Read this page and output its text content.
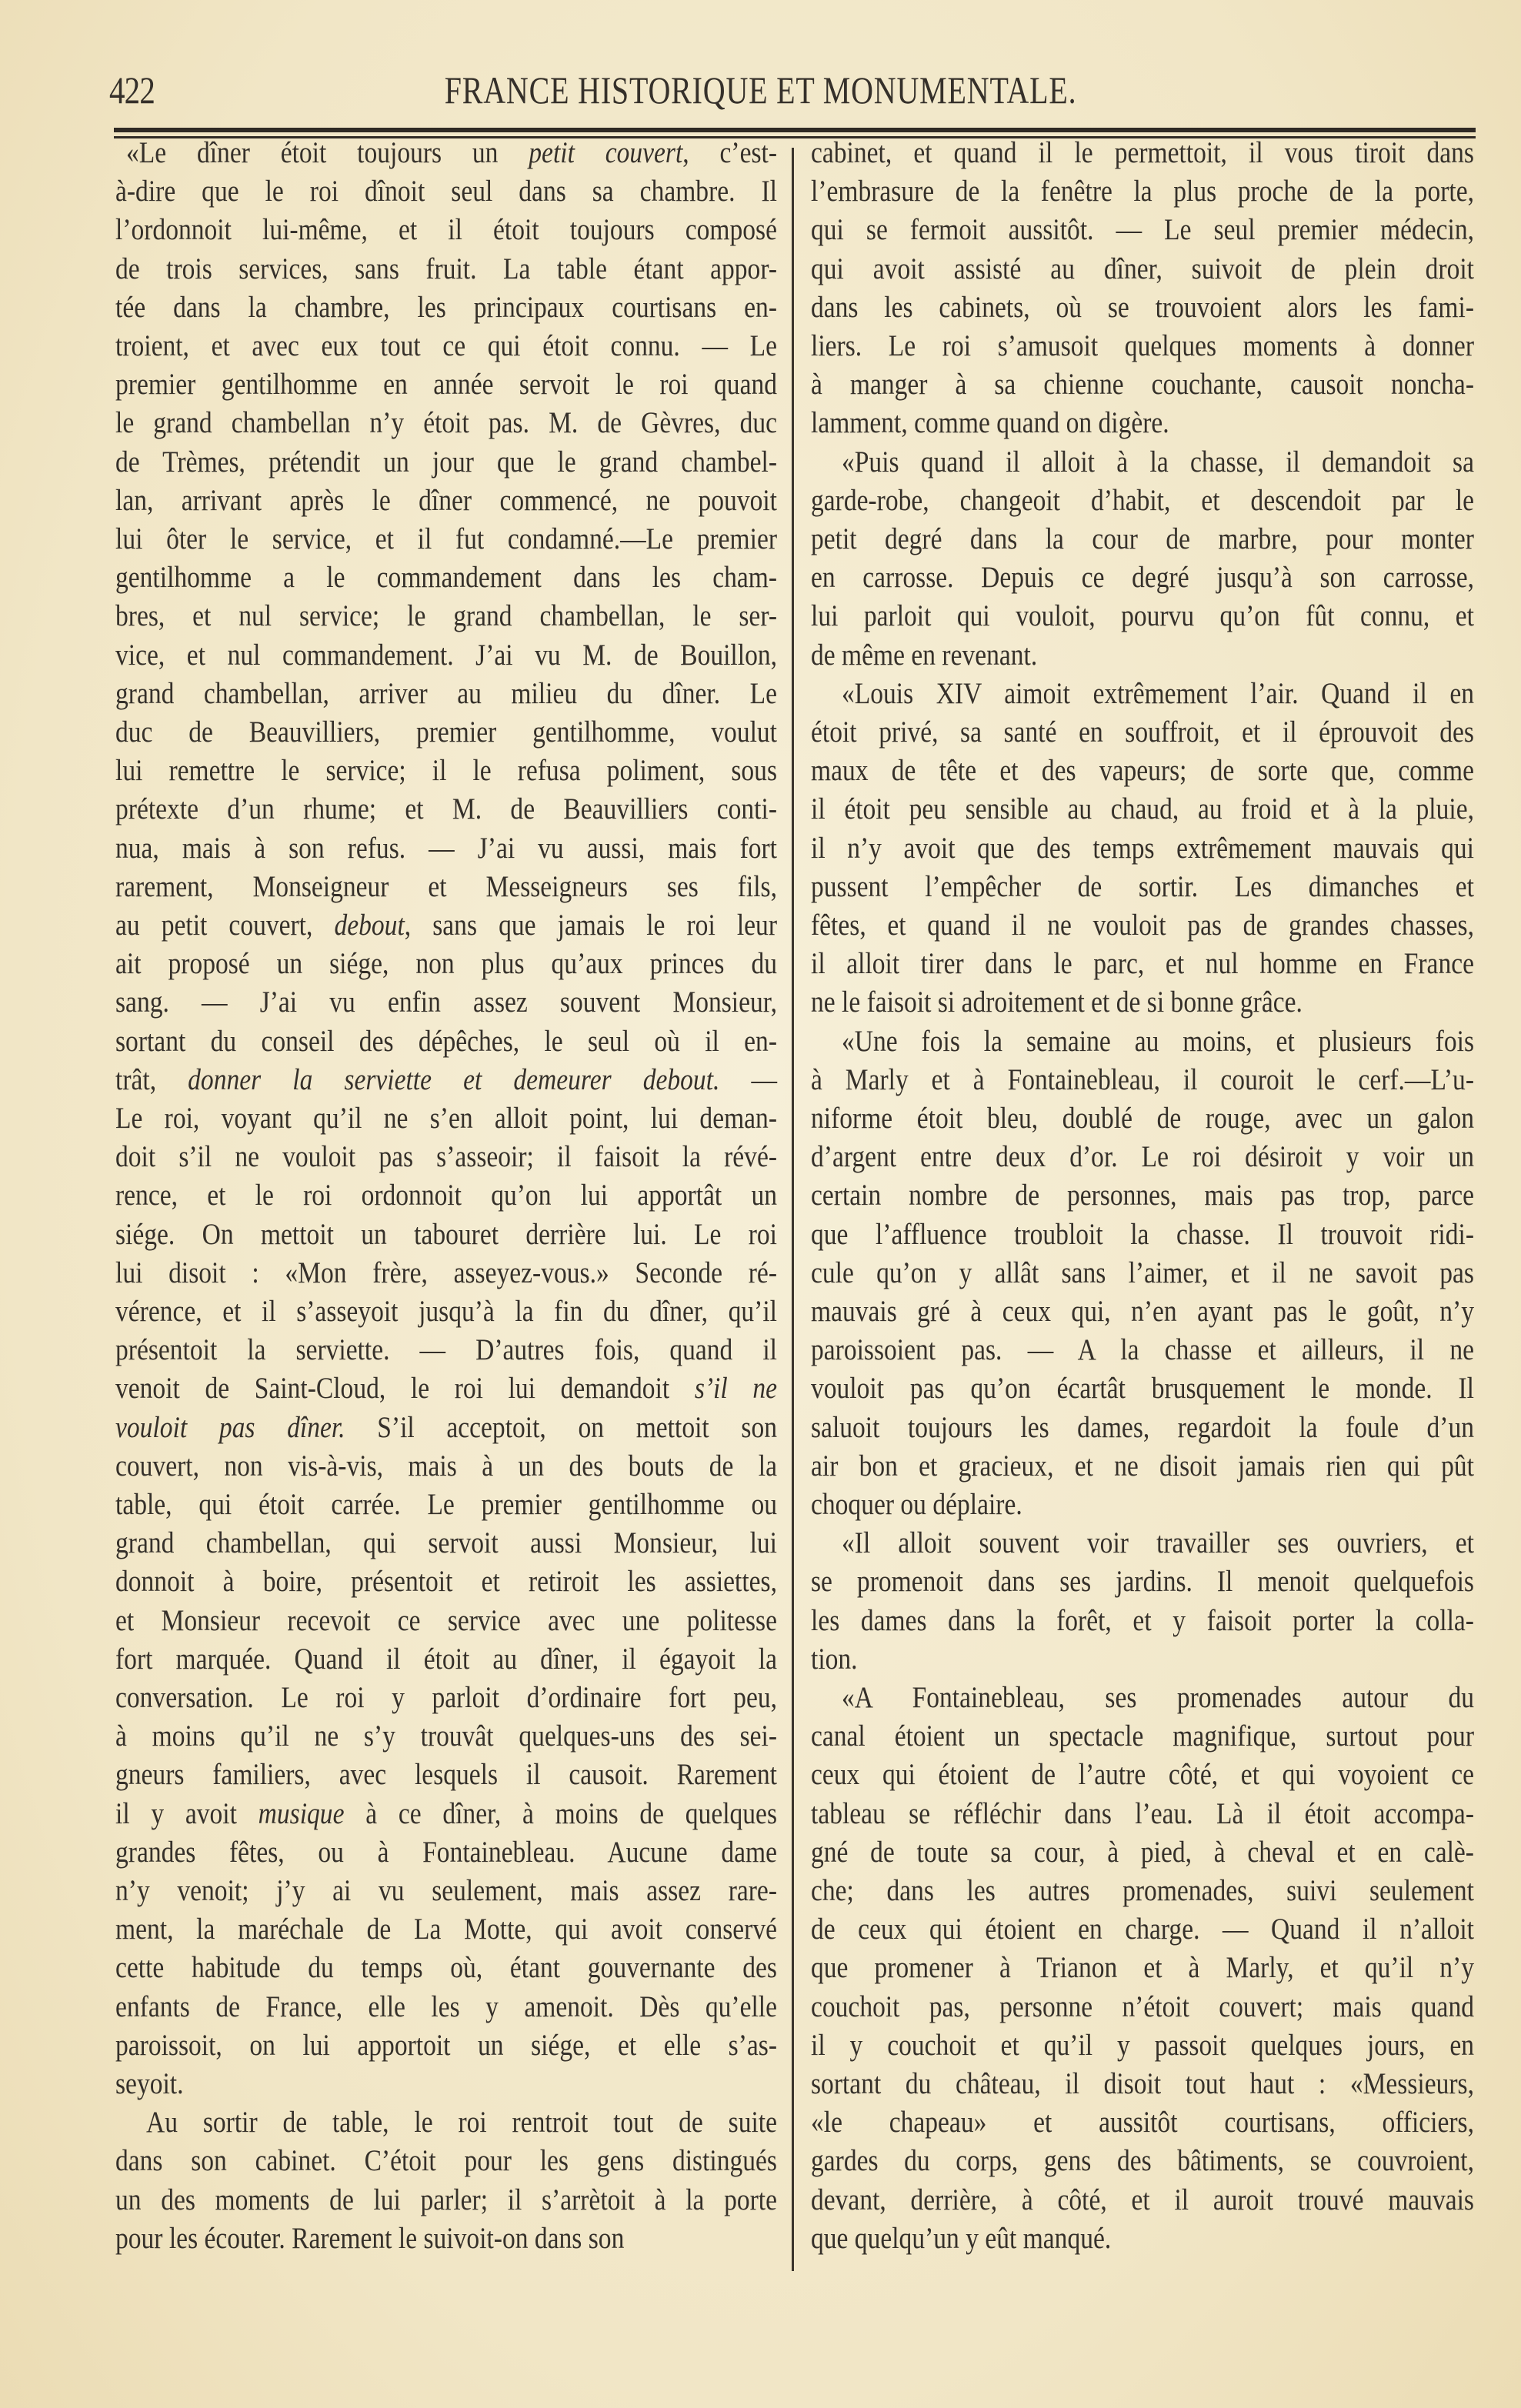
422	FRANCE HISTORIQUE ET MONUMENTALE.
«Le dîner étoit toujours un petit couvert, c’est-
à-dire que le roi dînoit seul dans sa chambre. Il
l’ordonnoit lui-même, et il étoit toujours composé
de trois services, sans fruit. La table étant appor-
tée dans la chambre, les principaux courtisans en-
troient, et avec eux tout ce qui étoit connu. — Le
premier gentilhomme en année servoit le roi quand
le grand chambellan n’y étoit pas. M. de Gèvres, duc
de Trèmes, prétendit un jour que le grand chambel-
lan, arrivant après le dîner commencé, ne pouvoit
lui ôter le service, et il fut condamné.—Le premier
gentilhomme a le commandement dans les cham-
bres, et nul service; le grand chambellan, le ser-
vice, et nul commandement. J’ai vu M. de Bouillon,
grand chambellan, arriver au milieu du dîner. Le
duc de Beauvilliers, premier gentilhomme, voulut
lui remettre le service; il le refusa poliment, sous
prétexte d’un rhume; et M. de Beauvilliers conti-
nua, mais à son refus. — J’ai vu aussi, mais fort
rarement, Monseigneur et Messeigneurs ses fils,
au petit couvert, debout, sans que jamais le roi leur
ait proposé un siége, non plus qu’aux princes du
sang. — J’ai vu enfin assez souvent Monsieur,
sortant du conseil des dépêches, le seul où il en-
trât, donner la serviette et demeurer debout. —
Le roi, voyant qu’il ne s’en alloit point, lui deman-
doit s’il ne vouloit pas s’asseoir; il faisoit la révé-
rence, et le roi ordonnoit qu’on lui apportât un
siége. On mettoit un tabouret derrière lui. Le roi
lui disoit : «Mon frère, asseyez-vous.» Seconde ré-
vérence, et il s’asseyoit jusqu’à la fin du dîner, qu’il
présentoit la serviette. — D’autres fois, quand il
venoit de Saint-Cloud, le roi lui demandoit s’il ne
vouloit pas dîner. S’il acceptoit, on mettoit son
couvert, non vis-à-vis, mais à un des bouts de la
table, qui étoit carrée. Le premier gentilhomme ou
grand chambellan, qui servoit aussi Monsieur, lui
donnoit à boire, présentoit et retiroit les assiettes,
et Monsieur recevoit ce service avec une politesse
fort marquée. Quand il étoit au dîner, il égayoit la
conversation. Le roi y parloit d’ordinaire fort peu,
à moins qu’il ne s’y trouvât quelques-uns des sei-
gneurs familiers, avec lesquels il causoit. Rarement
il y avoit musique à ce dîner, à moins de quelques
grandes fêtes, ou à Fontainebleau. Aucune dame
n’y venoit; j’y ai vu seulement, mais assez rare-
ment, la maréchale de La Motte, qui avoit conservé
cette habitude du temps où, étant gouvernante des
enfants de France, elle les y amenoit. Dès qu’elle
paroissoit, on lui apportoit un siége, et elle s’as-
seyoit.
Au sortir de table, le roi rentroit tout de suite
dans son cabinet. C’étoit pour les gens distingués
un des moments de lui parler; il s’arrètoit à la porte
pour les écouter. Rarement le suivoit-on dans son
cabinet, et quand il le permettoit, il vous tiroit dans
l’embrasure de la fenêtre la plus proche de la porte,
qui se fermoit aussitôt. — Le seul premier médecin,
qui avoit assisté au dîner, suivoit de plein droit
dans les cabinets, où se trouvoient alors les fami-
liers. Le roi s’amusoit quelques moments à donner
à manger à sa chienne couchante, causoit noncha-
lamment, comme quand on digère.
«Puis quand il alloit à la chasse, il demandoit sa
garde-robe, changeoit d’habit, et descendoit par le
petit degré dans la cour de marbre, pour monter
en carrosse. Depuis ce degré jusqu’à son carrosse,
lui parloit qui vouloit, pourvu qu’on fût connu, et
de même en revenant.
«Louis XIV aimoit extrêmement l’air. Quand il en
étoit privé, sa santé en souffroit, et il éprouvoit des
maux de tête et des vapeurs; de sorte que, comme
il étoit peu sensible au chaud, au froid et à la pluie,
il n’y avoit que des temps extrêmement mauvais qui
pussent l’empêcher de sortir. Les dimanches et
fêtes, et quand il ne vouloit pas de grandes chasses,
il alloit tirer dans le parc, et nul homme en France
ne le faisoit si adroitement et de si bonne grâce.
«Une fois la semaine au moins, et plusieurs fois
à Marly et à Fontainebleau, il couroit le cerf.—L’u-
niforme étoit bleu, doublé de rouge, avec un galon
d’argent entre deux d’or. Le roi désiroit y voir un
certain nombre de personnes, mais pas trop, parce
que l’affluence troubloit la chasse. Il trouvoit ridi-
cule qu’on y allât sans l’aimer, et il ne savoit pas
mauvais gré à ceux qui, n’en ayant pas le goût, n’y
paroissoient pas. — A la chasse et ailleurs, il ne
vouloit pas qu’on écartât brusquement le monde. Il
saluoit toujours les dames, regardoit la foule d’un
air bon et gracieux, et ne disoit jamais rien qui pût
choquer ou déplaire.
«Il alloit souvent voir travailler ses ouvriers, et
se promenoit dans ses jardins. Il menoit quelquefois
les dames dans la forêt, et y faisoit porter la colla-
tion.
«A Fontainebleau, ses promenades autour du
canal étoient un spectacle magnifique, surtout pour
ceux qui étoient de l’autre côté, et qui voyoient ce
tableau se réfléchir dans l’eau. Là il étoit accompa-
gné de toute sa cour, à pied, à cheval et en calè-
che; dans les autres promenades, suivi seulement
de ceux qui étoient en charge. — Quand il n’alloit
que promener à Trianon et à Marly, et qu’il n’y
couchoit pas, personne n’étoit couvert; mais quand
il y couchoit et qu’il y passoit quelques jours, en
sortant du château, il disoit tout haut : «Messieurs,
«le chapeau» et aussitôt courtisans, officiers,
gardes du corps, gens des bâtiments, se couvroient,
devant, derrière, à côté, et il auroit trouvé mauvais
que quelqu’un y eût manqué.
